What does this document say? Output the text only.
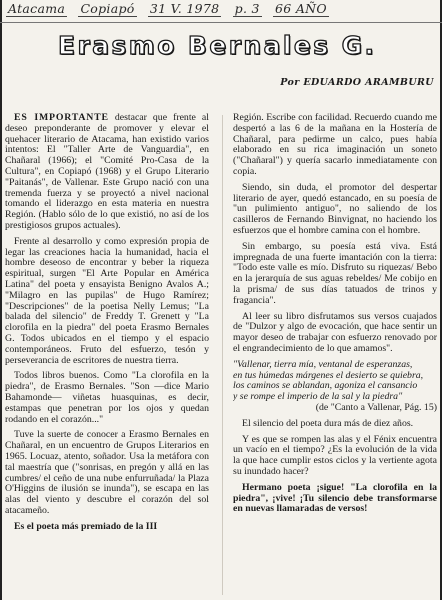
Atacama Copiapó 31 V. 1978 p. 3 66 AÑO
Erasmo Bernales G.
Por EDUARDO ARAMBURU

ES IMPORTANTE destacar que frente al deseo preponderante de promover y elevar el quehacer literario de Atacama, han existido varios intentos: El "Taller Arte de Vanguardia", en Chañaral (1966); el "Comité Pro-Casa de la Cultura", en Copiapó (1968) y el Grupo Literario "Paitanás", de Vallenar. Este Grupo nació con una tremenda fuerza y se proyectó a nivel nacional tomando el liderazgo en esta materia en nuestra Región. (Hablo sólo de lo que existió, no así de los prestigiosos grupos actuales).

Frente al desarrollo y como expresión propia de legar las creaciones hacia la humanidad, hacia el hombre deseoso de encontrar y beber la riqueza espiritual, surgen "El Arte Popular en América Latina" del poeta y ensayista Benigno Avalos A.; "Milagro en las pupilas" de Hugo Ramírez; "Descripciones" de la poetisa Nelly Lemus; "La balada del silencio" de Freddy T. Grenett y "La clorofila en la piedra" del poeta Erasmo Bernales G. Todos ubicados en el tiempo y el espacio contemporáneos. Fruto del esfuerzo, tesón y perseverancia de escritores de nuestra tierra.

Todos libros buenos. Como "La clorofila en la piedra", de Erasmo Bernales. "Son —dice Mario Bahamonde— viñetas huasquinas, es decir, estampas que penetran por los ojos y quedan rodando en el corazón..."

Tuve la suerte de conocer a Erasmo Bernales en Chañaral, en un encuentro de Grupos Literarios en 1965. Locuaz, atento, soñador. Usa la metáfora con tal maestría que ("sonrisas, en pregón y allá en las cumbres/ el ceño de una nube enfurruñada/ la Plaza O'Higgins de ilusión se inunda"), se escapa en las alas del viento y descubre el corazón del sol atacameño.

Es el poeta más premiado de la III

Región. Escribe con facilidad. Recuerdo cuando me despertó a las 6 de la mañana en la Hostería de Chañaral, para pedirme un calco, pues había elaborado en su rica imaginación un soneto ("Chañaral") y quería sacarlo inmediatamente con copia.

Siendo, sin duda, el promotor del despertar literario de ayer, quedó estancado, en su poesía de "un pulimiento antiguo", no saliendo de los casilleros de Fernando Binvignat, no haciendo los esfuerzos que el hombre camina con el hombre.

Sin embargo, su poesía está viva. Está impregnada de una fuerte imantación con la tierra: "Todo este valle es mío. Disfruto su riquezas/ Bebo en la jerarquía de sus aguas rebeldes/ Me cobijo en la prisma/ de sus días tatuados de trinos y fragancia".

Al leer su libro disfrutamos sus versos cuajados de "Dulzor y algo de evocación, que hace sentir un mayor deseo de trabajar con esfuerzo renovado por el engrandecimiento de lo que amamos".

"Vallenar, tierra mía, ventanal de esperanzas,
en tus húmedas márgenes el desierto se quiebra,
los caminos se ablandan, agoniza el cansancio
y se rompe el imperio de la sal y la piedra"
(de "Canto a Vallenar, Pág. 15)

El silencio del poeta dura más de diez años.

Y es que se rompen las alas y el Fénix encuentra un vacío en el tiempo? ¿Es la evolución de la vida la que hace cumplir estos ciclos y la vertiente agota su inundado hacer?

Hermano poeta ¡sigue! "La clorofila en la piedra", ¡vive! ¡Tu silencio debe transformarse en nuevas llamaradas de versos!
